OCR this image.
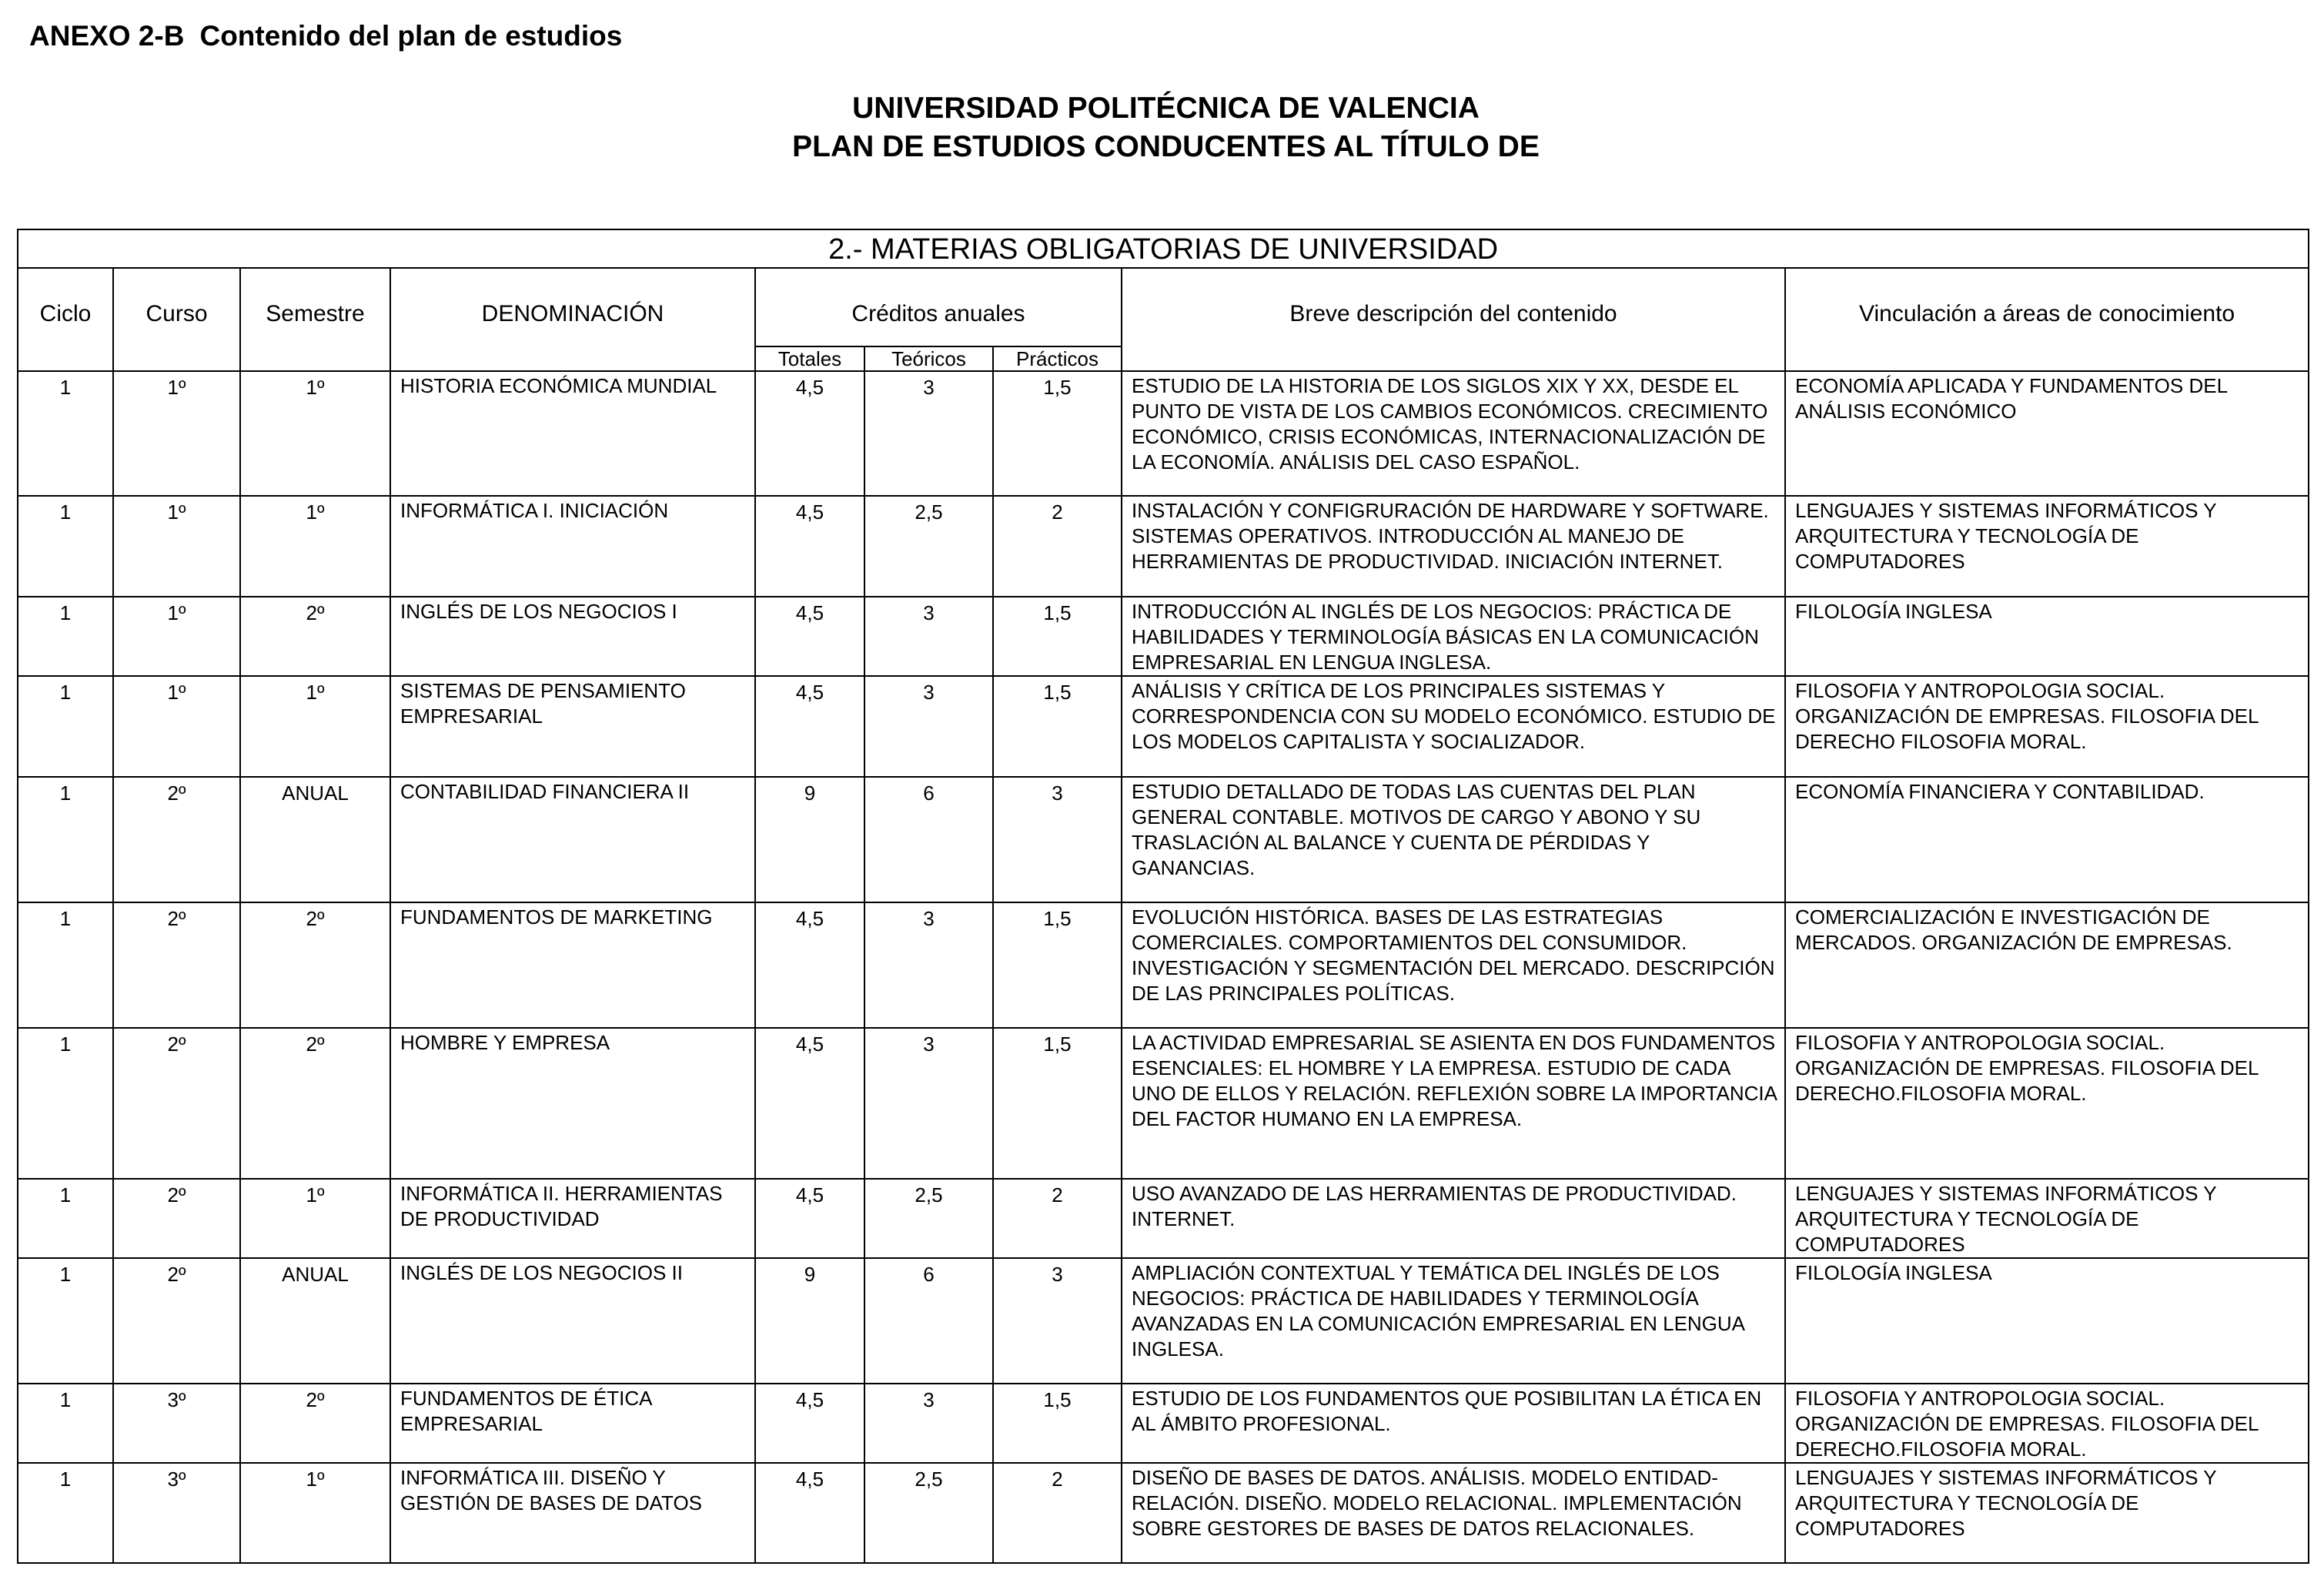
ANEXO 2-B Contenido del plan de estudios
UNIVERSIDAD POLITÉCNICA DE VALENCIA
PLAN DE ESTUDIOS CONDUCENTES AL TÍTULO DE
2.- MATERIAS OBLIGATORIAS DE UNIVERSIDAD								
Ciclo	Curso	Semestre	DENOMINACIÓN	Créditos anuales			Breve descripción del contenido	Vinculación a áreas de conocimiento
				Totales	Teóricos	Prácticos		
1	1º	1º	HISTORIA ECONÓMICA MUNDIAL	4,5	3	1,5	ESTUDIO DE LA HISTORIA DE LOS SIGLOS XIX Y XX, DESDE EL PUNTO DE VISTA DE LOS CAMBIOS ECONÓMICOS. CRECIMIENTO ECONÓMICO, CRISIS ECONÓMICAS, INTERNACIONALIZACIÓN DE LA ECONOMÍA. ANÁLISIS DEL CASO ESPAÑOL.	ECONOMÍA APLICADA Y FUNDAMENTOS DEL ANÁLISIS ECONÓMICO
1	1º	1º	INFORMÁTICA I. INICIACIÓN	4,5	2,5	2	INSTALACIÓN Y CONFIGRURACIÓN DE HARDWARE Y SOFTWARE. SISTEMAS OPERATIVOS. INTRODUCCIÓN AL MANEJO DE HERRAMIENTAS DE PRODUCTIVIDAD. INICIACIÓN INTERNET.	LENGUAJES Y SISTEMAS INFORMÁTICOS Y ARQUITECTURA Y TECNOLOGÍA DE COMPUTADORES
1	1º	2º	INGLÉS DE LOS NEGOCIOS I	4,5	3	1,5	INTRODUCCIÓN AL INGLÉS DE LOS NEGOCIOS: PRÁCTICA DE HABILIDADES Y TERMINOLOGÍA BÁSICAS EN LA COMUNICACIÓN EMPRESARIAL EN LENGUA INGLESA.	FILOLOGÍA INGLESA
1	1º	1º	SISTEMAS DE PENSAMIENTO EMPRESARIAL	4,5	3	1,5	ANÁLISIS Y CRÍTICA DE LOS PRINCIPALES SISTEMAS Y CORRESPONDENCIA CON SU MODELO ECONÓMICO. ESTUDIO DE LOS MODELOS CAPITALISTA Y SOCIALIZADOR.	FILOSOFIA Y ANTROPOLOGIA SOCIAL. ORGANIZACIÓN DE EMPRESAS. FILOSOFIA DEL DERECHO FILOSOFIA MORAL.
1	2º	ANUAL	CONTABILIDAD FINANCIERA II	9	6	3	ESTUDIO DETALLADO DE TODAS LAS CUENTAS DEL PLAN GENERAL CONTABLE. MOTIVOS DE CARGO Y ABONO Y SU TRASLACIÓN AL BALANCE Y CUENTA DE PÉRDIDAS Y GANANCIAS.	ECONOMÍA FINANCIERA Y CONTABILIDAD.
1	2º	2º	FUNDAMENTOS DE MARKETING	4,5	3	1,5	EVOLUCIÓN HISTÓRICA. BASES DE LAS ESTRATEGIAS COMERCIALES. COMPORTAMIENTOS DEL CONSUMIDOR. INVESTIGACIÓN Y SEGMENTACIÓN DEL MERCADO. DESCRIPCIÓN DE LAS PRINCIPALES POLÍTICAS.	COMERCIALIZACIÓN E INVESTIGACIÓN DE MERCADOS. ORGANIZACIÓN DE EMPRESAS.
1	2º	2º	HOMBRE Y EMPRESA	4,5	3	1,5	LA ACTIVIDAD EMPRESARIAL SE ASIENTA EN DOS FUNDAMENTOS ESENCIALES: EL HOMBRE Y LA EMPRESA. ESTUDIO DE CADA UNO DE ELLOS Y RELACIÓN. REFLEXIÓN SOBRE LA IMPORTANCIA DEL FACTOR HUMANO EN LA EMPRESA.	FILOSOFIA Y ANTROPOLOGIA SOCIAL. ORGANIZACIÓN DE EMPRESAS. FILOSOFIA DEL DERECHO.FILOSOFIA MORAL.
1	2º	1º	INFORMÁTICA II. HERRAMIENTAS DE PRODUCTIVIDAD	4,5	2,5	2	USO AVANZADO DE LAS HERRAMIENTAS DE PRODUCTIVIDAD. INTERNET.	LENGUAJES Y SISTEMAS INFORMÁTICOS Y ARQUITECTURA Y TECNOLOGÍA DE COMPUTADORES
1	2º	ANUAL	INGLÉS DE LOS NEGOCIOS II	9	6	3	AMPLIACIÓN CONTEXTUAL Y TEMÁTICA DEL INGLÉS DE LOS NEGOCIOS: PRÁCTICA DE HABILIDADES Y TERMINOLOGÍA AVANZADAS EN LA COMUNICACIÓN EMPRESARIAL EN LENGUA INGLESA.	FILOLOGÍA INGLESA
1	3º	2º	FUNDAMENTOS DE ÉTICA EMPRESARIAL	4,5	3	1,5	ESTUDIO DE LOS FUNDAMENTOS QUE POSIBILITAN LA ÉTICA EN AL ÁMBITO PROFESIONAL.	FILOSOFIA Y ANTROPOLOGIA SOCIAL. ORGANIZACIÓN DE EMPRESAS. FILOSOFIA DEL DERECHO.FILOSOFIA MORAL.
1	3º	1º	INFORMÁTICA III. DISEÑO Y GESTIÓN DE BASES DE DATOS	4,5	2,5	2	DISEÑO DE BASES DE DATOS. ANÁLISIS. MODELO ENTIDAD-RELACIÓN. DISEÑO. MODELO RELACIONAL. IMPLEMENTACIÓN SOBRE GESTORES DE BASES DE DATOS RELACIONALES.	LENGUAJES Y SISTEMAS INFORMÁTICOS Y ARQUITECTURA Y TECNOLOGÍA DE COMPUTADORES
